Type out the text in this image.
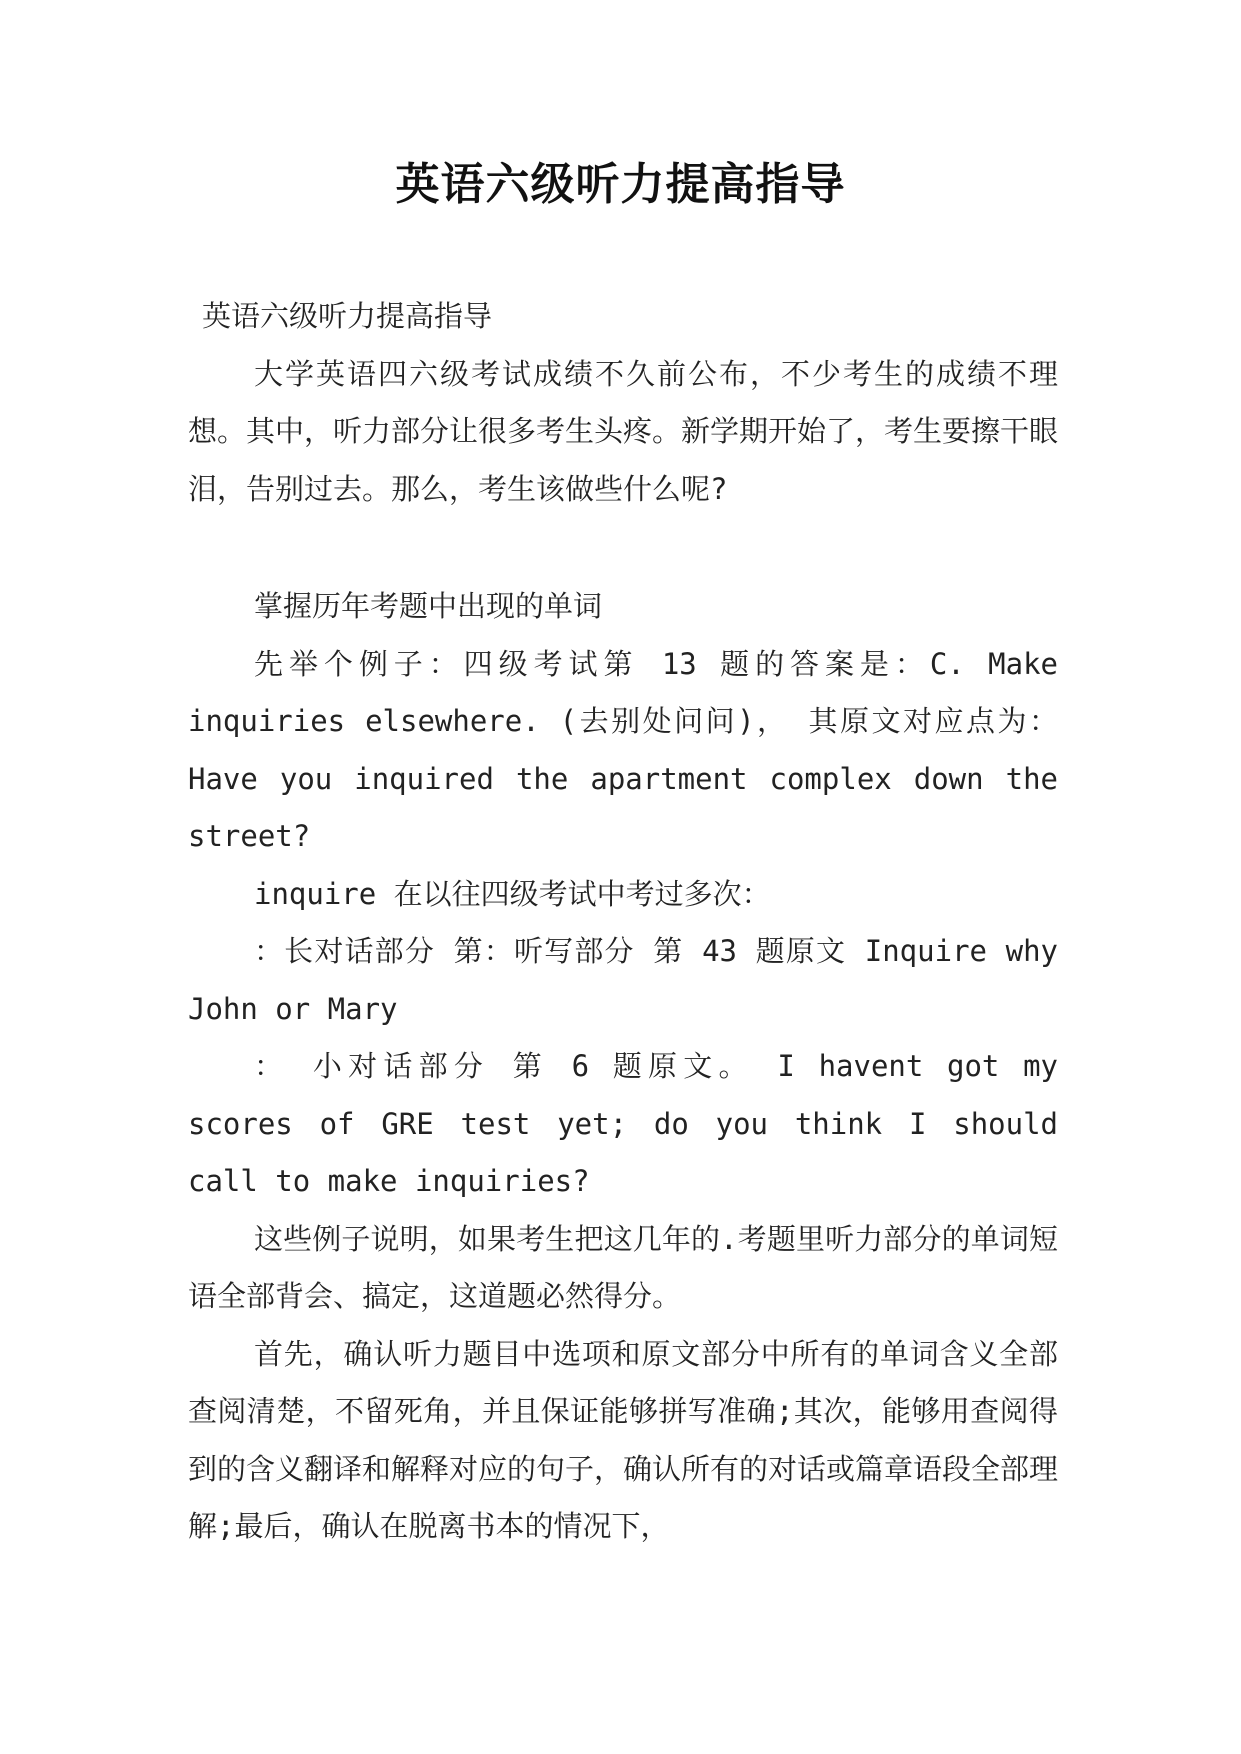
英语六级听力提高指导

英语六级听力提高指导

大学英语四六级考试成绩不久前公布，不少考生的成绩不理想。其中，听力部分让很多考生头疼。新学期开始了，考生要擦干眼泪，告别过去。那么，考生该做些什么呢?

掌握历年考题中出现的单词

先举个例子：四级考试第 13 题的答案是：C. Make inquiries elsewhere. (去别处问问)， 其原文对应点为：Have you inquired the apartment complex down the street?

inquire 在以往四级考试中考过多次：

：长对话部分 第：听写部分 第 43 题原文 Inquire why John or Mary

： 小对话部分 第 6 题原文。 I havent got my scores of GRE test yet; do you think I should call to make inquiries?

这些例子说明，如果考生把这几年的.考题里听力部分的单词短语全部背会、搞定，这道题必然得分。

首先，确认听力题目中选项和原文部分中所有的单词含义全部查阅清楚，不留死角，并且保证能够拼写准确;其次，能够用查阅得到的含义翻译和解释对应的句子，确认所有的对话或篇章语段全部理解;最后，确认在脱离书本的情况下，
